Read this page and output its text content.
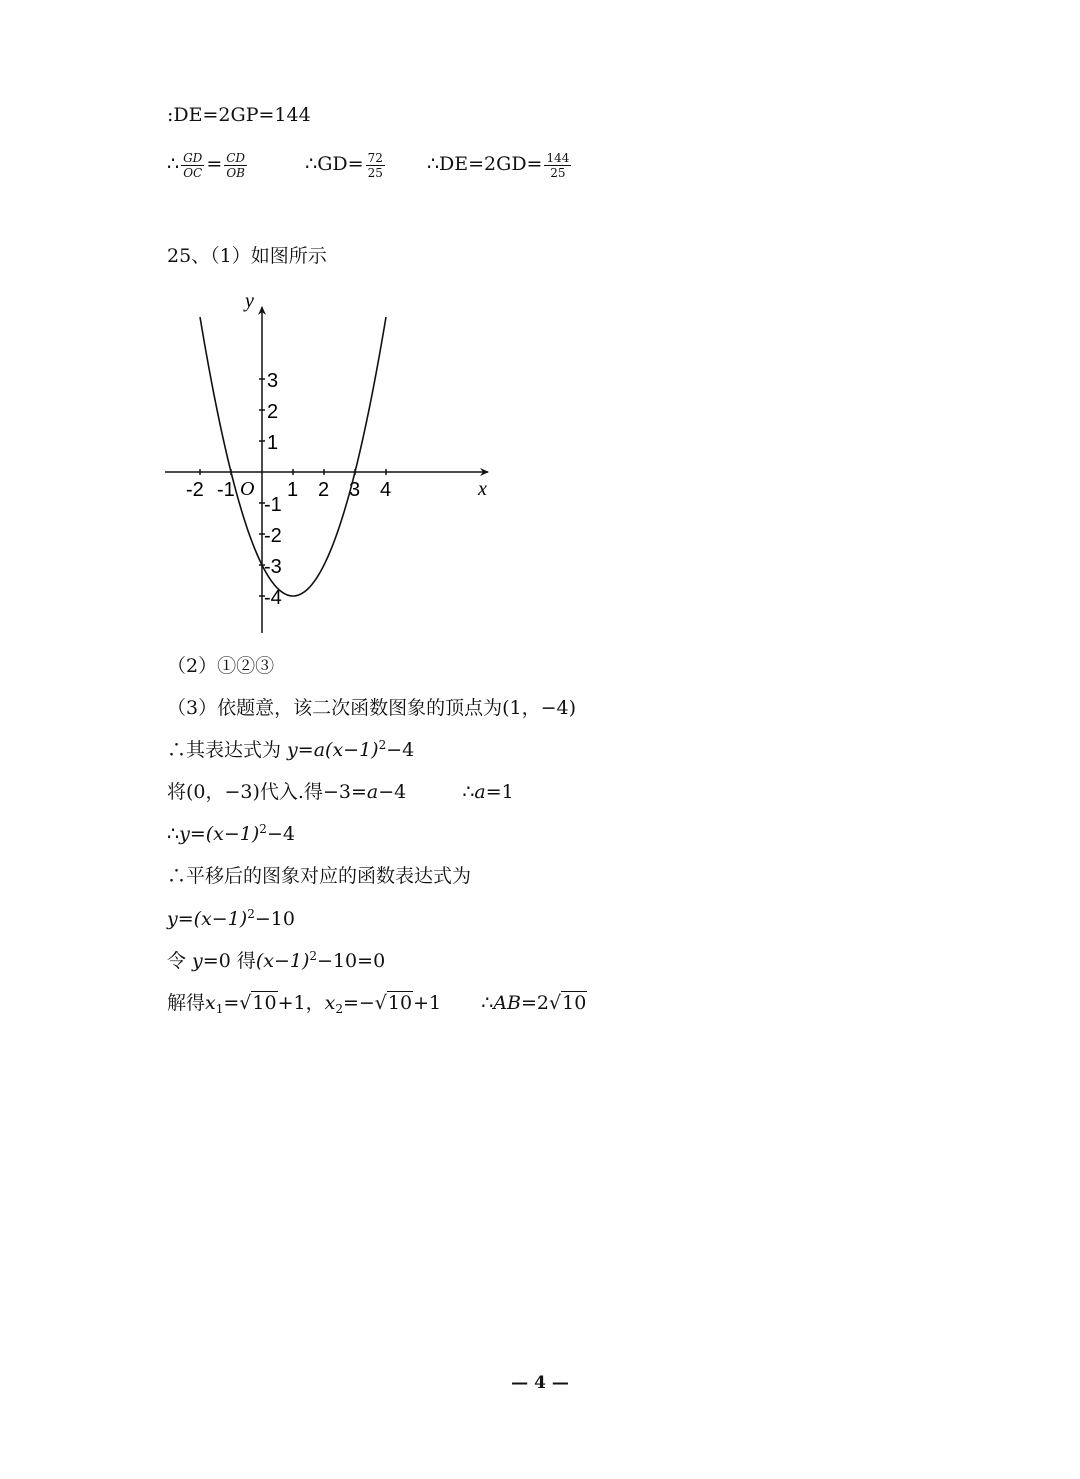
:DE=2GP=144
∴ $\frac{GD}{OC} = \frac{CD}{OB}$	∴GD= $\frac{72}{25}$ ∴DE=2GD= $\frac{144}{25}$
25、（1）如图所示
-2 -1	1 2 3 4
3
2
1
-1
-2
-3
-4
x
y
O
（2）①②③
（3）依题意，该二次函数图象的顶点为(1，−4)
∴其表达式为 $y=a(x-1)^2-4$
将(0，−3)代入.得−3=a−4	∴a=1
$\therefore y=(x-1)^2-4$
∴平移后的图象对应的函数表达式为
$y=(x-1)^2-10$
令 y=0 得$(x-1)^2-10=0$
解得$x_1=√10+1$，$x_2=-√10+1$ ∴AB=2√10
— 4 —
